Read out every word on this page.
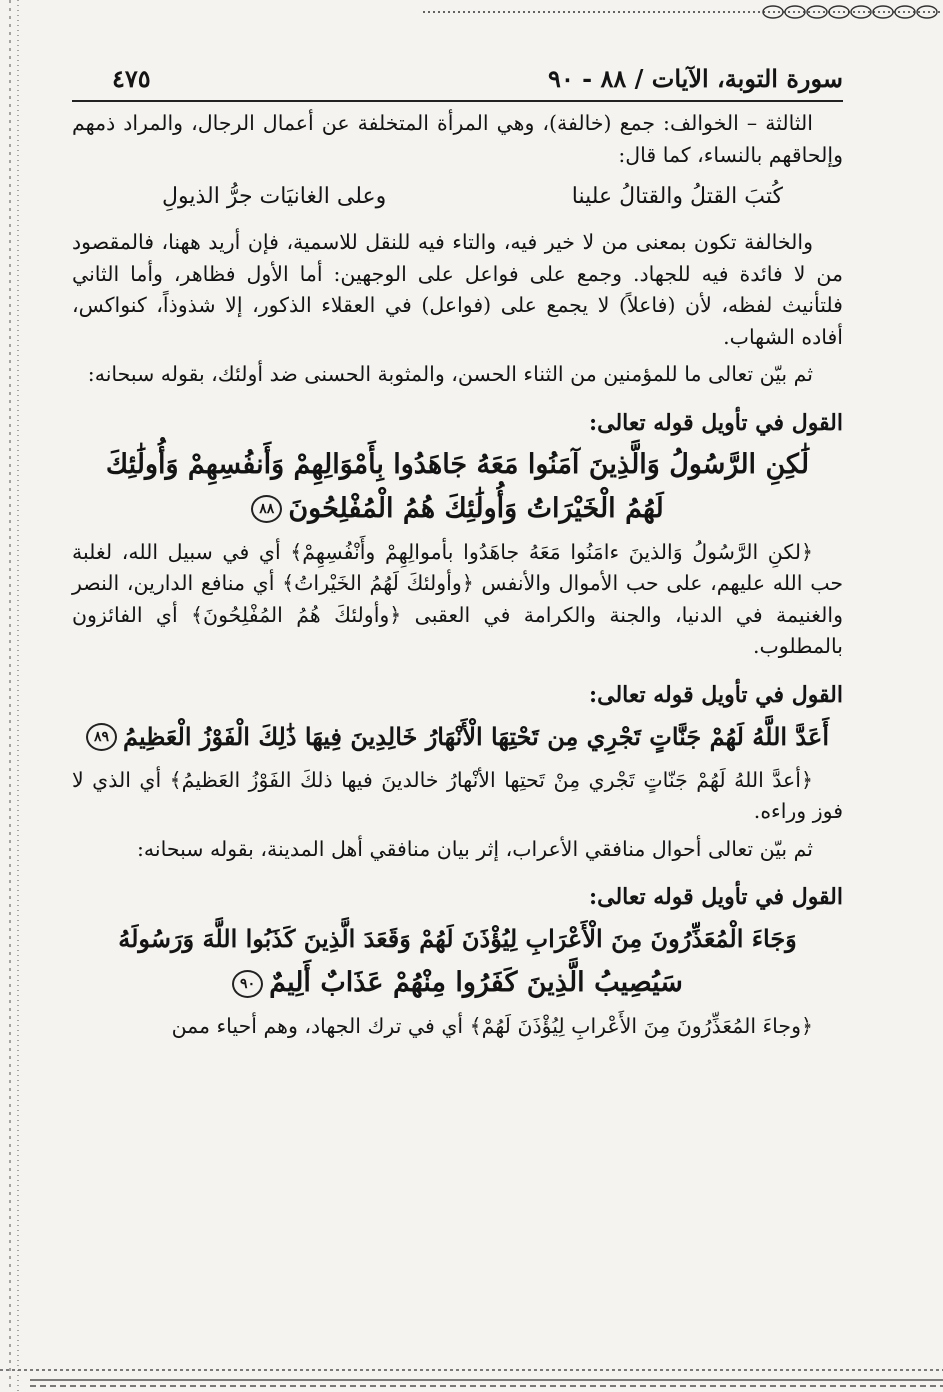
سورة التوبة، الآيات / ٨٨ - ٩٠
٤٧٥

الثالثة – الخوالف: جمع (خالفة)، وهي المرأة المتخلفة عن أعمال الرجال، والمراد ذمهم وإلحاقهم بالنساء، كما قال:

كُتبَ القتلُ والقتالُ علينا
وعلى الغانيَات جرُّ الذيولِ

والخالفة تكون بمعنى من لا خير فيه، والتاء فيه للنقل للاسمية، فإن أريد ههنا، فالمقصود من لا فائدة فيه للجهاد. وجمع على فواعل على الوجهين: أما الأول فظاهر، وأما الثاني فلتأنيث لفظه، لأن (فاعلاً) لا يجمع على (فواعل) في العقلاء الذكور، إلا شذوذاً، كنواكس، أفاده الشهاب.

ثم بيّن تعالى ما للمؤمنين من الثناء الحسن، والمثوبة الحسنى ضد أولئك، بقوله سبحانه:

القول في تأويل قوله تعالى:
لَٰكِنِ الرَّسُولُ وَالَّذِينَ آمَنُوا مَعَهُ جَاهَدُوا بِأَمْوَالِهِمْ وَأَنفُسِهِمْ وَأُولَٰئِكَ
لَهُمُ الْخَيْرَاتُ وَأُولَٰئِكَ هُمُ الْمُفْلِحُونَ٨٨

﴿لكنِ الرَّسُولُ وَالذينَ ءامَنُوا مَعَهُ جاهَدُوا بأموالِهِمْ وأَنْفُسِهِمْ﴾ أي في سبيل الله، لغلبة حب الله عليهم، على حب الأموال والأنفس ﴿وأولئكَ لَهُمُ الخَيْراتُ﴾ أي منافع الدارين، النصر والغنيمة في الدنيا، والجنة والكرامة في العقبى ﴿وأولئكَ هُمُ المُفْلِحُونَ﴾ أي الفائزون بالمطلوب.

القول في تأويل قوله تعالى:
أَعَدَّ اللَّهُ لَهُمْ جَنَّاتٍ تَجْرِي مِن تَحْتِهَا الْأَنْهَارُ خَالِدِينَ فِيهَا ذَٰلِكَ الْفَوْزُ الْعَظِيمُ٨٩

﴿أعدَّ اللهُ لَهُمْ جَنّاتٍ تَجْري مِنْ تَحتِها الأنْهارُ خالدينَ فيها ذلكَ الفَوْزُ العَظيمُ﴾ أي الذي لا فوز وراءه.

ثم بيّن تعالى أحوال منافقي الأعراب، إثر بيان منافقي أهل المدينة، بقوله سبحانه:

القول في تأويل قوله تعالى:
وَجَاءَ الْمُعَذِّرُونَ مِنَ الْأَعْرَابِ لِيُؤْذَنَ لَهُمْ وَقَعَدَ الَّذِينَ كَذَبُوا اللَّهَ وَرَسُولَهُ
سَيُصِيبُ الَّذِينَ كَفَرُوا مِنْهُمْ عَذَابٌ أَلِيمٌ٩٠

﴿وجاءَ المُعَذِّرُونَ مِنَ الأَعْرابِ لِيُؤْذَنَ لَهُمْ﴾ أي في ترك الجهاد، وهم أحياء ممن
